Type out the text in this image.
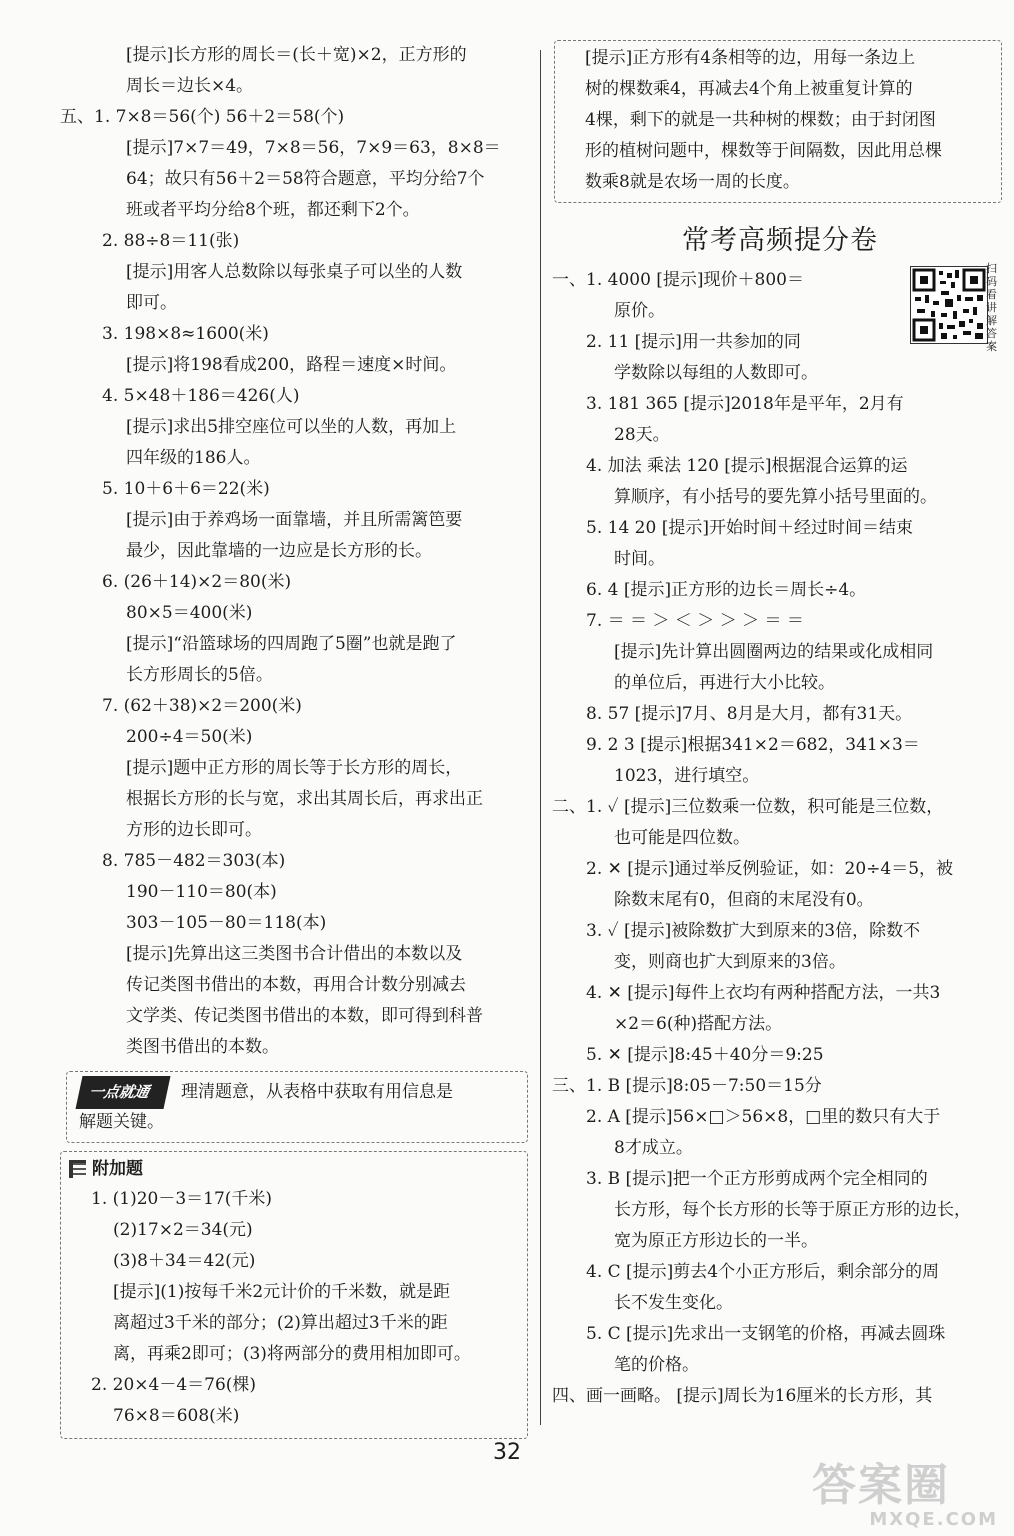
[提示]长方形的周长＝(长＋宽)×2，正方形的
周长＝边长×4。
五、1. 7×8＝56(个) 56＋2＝58(个)
[提示]7×7＝49，7×8＝56，7×9＝63，8×8＝
64；故只有56＋2＝58符合题意，平均分给7个
班或者平均分给8个班，都还剩下2个。
2. 88÷8＝11(张)
[提示]用客人总数除以每张桌子可以坐的人数
即可。
3. 198×8≈1600(米)
[提示]将198看成200，路程＝速度×时间。
4. 5×48＋186＝426(人)
[提示]求出5排空座位可以坐的人数，再加上
四年级的186人。
5. 10＋6＋6＝22(米)
[提示]由于养鸡场一面靠墙，并且所需篱笆要
最少，因此靠墙的一边应是长方形的长。
6. (26＋14)×2＝80(米)
80×5＝400(米)
[提示]“沿篮球场的四周跑了5圈”也就是跑了
长方形周长的5倍。
7. (62＋38)×2＝200(米)
200÷4＝50(米)
[提示]题中正方形的周长等于长方形的周长，
根据长方形的长与宽，求出其周长后，再求出正
方形的边长即可。
8. 785－482＝303(本)
190－110＝80(本)
303－105－80＝118(本)
[提示]先算出这三类图书合计借出的本数以及
传记类图书借出的本数，再用合计数分别减去
文学类、传记类图书借出的本数，即可得到科普
类图书借出的本数。
一点就通 理清题意，从表格中获取有用信息是
解题关键。
附加题
1. (1)20－3＝17(千米)
(2)17×2＝34(元)
(3)8＋34＝42(元)
[提示](1)按每千米2元计价的千米数，就是距
离超过3千米的部分；(2)算出超过3千米的距
离，再乘2即可；(3)将两部分的费用相加即可。
2. 20×4－4＝76(棵)
76×8＝608(米)
[提示]正方形有4条相等的边，用每一条边上
树的棵数乘4，再减去4个角上被重复计算的
4棵，剩下的就是一共种树的棵数；由于封闭图
形的植树问题中，棵数等于间隔数，因此用总棵
数乘8就是农场一周的长度。
常考高频提分卷
一、1. 4000 [提示]现价＋800＝
原价。
2. 11 [提示]用一共参加的同
学数除以每组的人数即可。
3. 181 365 [提示]2018年是平年，2月有
28天。
4. 加法 乘法 120 [提示]根据混合运算的运
算顺序，有小括号的要先算小括号里面的。
5. 14 20 [提示]开始时间＋经过时间＝结束
时间。
6. 4 [提示]正方形的边长＝周长÷4。
7. ＝ ＝ ＞ ＜ ＞ ＞ ＞ ＝ ＝
[提示]先计算出圆圈两边的结果或化成相同
的单位后，再进行大小比较。
8. 57 [提示]7月、8月是大月，都有31天。
9. 2 3 [提示]根据341×2＝682，341×3＝
1023，进行填空。
二、1. ✓ [提示]三位数乘一位数，积可能是三位数，
也可能是四位数。
2. ✕ [提示]通过举反例验证，如：20÷4＝5，被
除数末尾有0，但商的末尾没有0。
3. ✓ [提示]被除数扩大到原来的3倍，除数不
变，则商也扩大到原来的3倍。
4. ✕ [提示]每件上衣均有两种搭配方法，一共3
×2＝6(种)搭配方法。
5. ✕ [提示]8:45＋40分＝9:25
三、1. B [提示]8:05－7:50＝15分
2. A [提示]56×□＞56×8，□里的数只有大于
8才成立。
3. B [提示]把一个正方形剪成两个完全相同的
长方形，每个长方形的长等于原正方形的边长，
宽为原正方形边长的一半。
4. C [提示]剪去4个小正方形后，剩余部分的周
长不发生变化。
5. C [提示]先求出一支钢笔的价格，再减去圆珠
笔的价格。
四、画一画略。 [提示]周长为16厘米的长方形，其
扫码看讲解答案
32
答案圈
MXQE.COM
